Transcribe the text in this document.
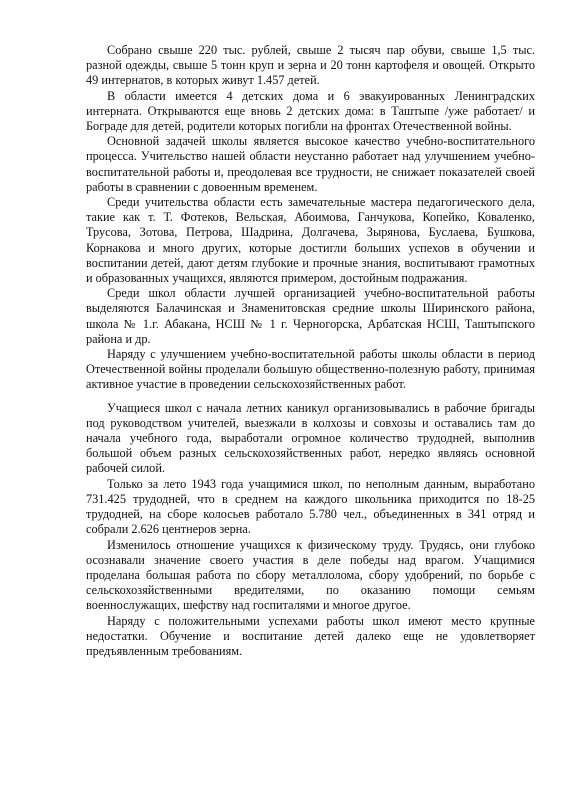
Собрано свыше 220 тыс. рублей, свыше 2 тысяч пар обуви, свыше 1,5 тыс. разной одежды, свыше 5 тонн круп и зерна и 20 тонн картофеля и овощей. Открыто 49 интернатов, в которых живут 1.457 детей.

В области имеется 4 детских дома и 6 эвакуированных Ленинградских интерната. Открываются еще вновь 2 детских дома: в Таштыпе /уже работает/ и Бограде для детей, родители которых погибли на фронтах Отечественной войны.

Основной задачей школы является высокое качество учебно-воспитательного процесса. Учительство нашей области неустанно работает над улучшением учебно-воспитательной работы и, преодолевая все трудности, не снижает показателей своей работы в сравнении с довоенным временем.

Среди учительства области есть замечательные мастера педагогического дела, такие как т. Т. Фотеков, Вельская, Абоимова, Ганчукова, Копейко, Коваленко, Трусова, Зотова, Петрова, Шадрина, Долгачева, Зырянова, Буслаева, Бушкова, Корнакова и много других, которые достигли больших успехов в обучении и воспитании детей, дают детям глубокие и прочные знания, воспитывают грамотных и образованных учащихся, являются примером, достойным подражания.

Среди школ области лучшей организацией учебно-воспитательной работы выделяются Балачинская и Знаменитовская средние школы Ширинского района, школа № 1.г. Абакана, НСШ № 1 г. Черногорска, Арбатская НСШ, Таштыпского района и др.

Наряду с улучшением учебно-воспитательной работы школы области в период Отечественной войны проделали большую общественно-полезную работу, принимая активное участие в проведении сельскохозяйственных работ.

Учащиеся школ с начала летних каникул организовывались в рабочие бригады под руководством учителей, выезжали в колхозы и совхозы и оставались там до начала учебного года, выработали огромное количество трудодней, выполнив большой объем разных сельскохозяйственных работ, нередко являясь основной рабочей силой.

Только за лето 1943 года учащимися школ, по неполным данным, выработано 731.425 трудодней, что в среднем на каждого школьника приходится по 18-25 трудодней, на сборе колосьев работало 5.780 чел., объединенных в 341 отряд и собрали 2.626 центнеров зерна.

Изменилось отношение учащихся к физическому труду. Трудясь, они глубоко осознавали значение своего участия в деле победы над врагом. Учащимися проделана большая работа по сбору металлолома, сбору удобрений, по борьбе с сельскохозяйственными вредителями, по оказанию помощи семьям военнослужащих, шефству над госпиталями и многое другое.

Наряду с положительными успехами работы школ имеют место крупные недостатки. Обучение и воспитание детей далеко еще не удовлетворяет предъявленным требованиям.
